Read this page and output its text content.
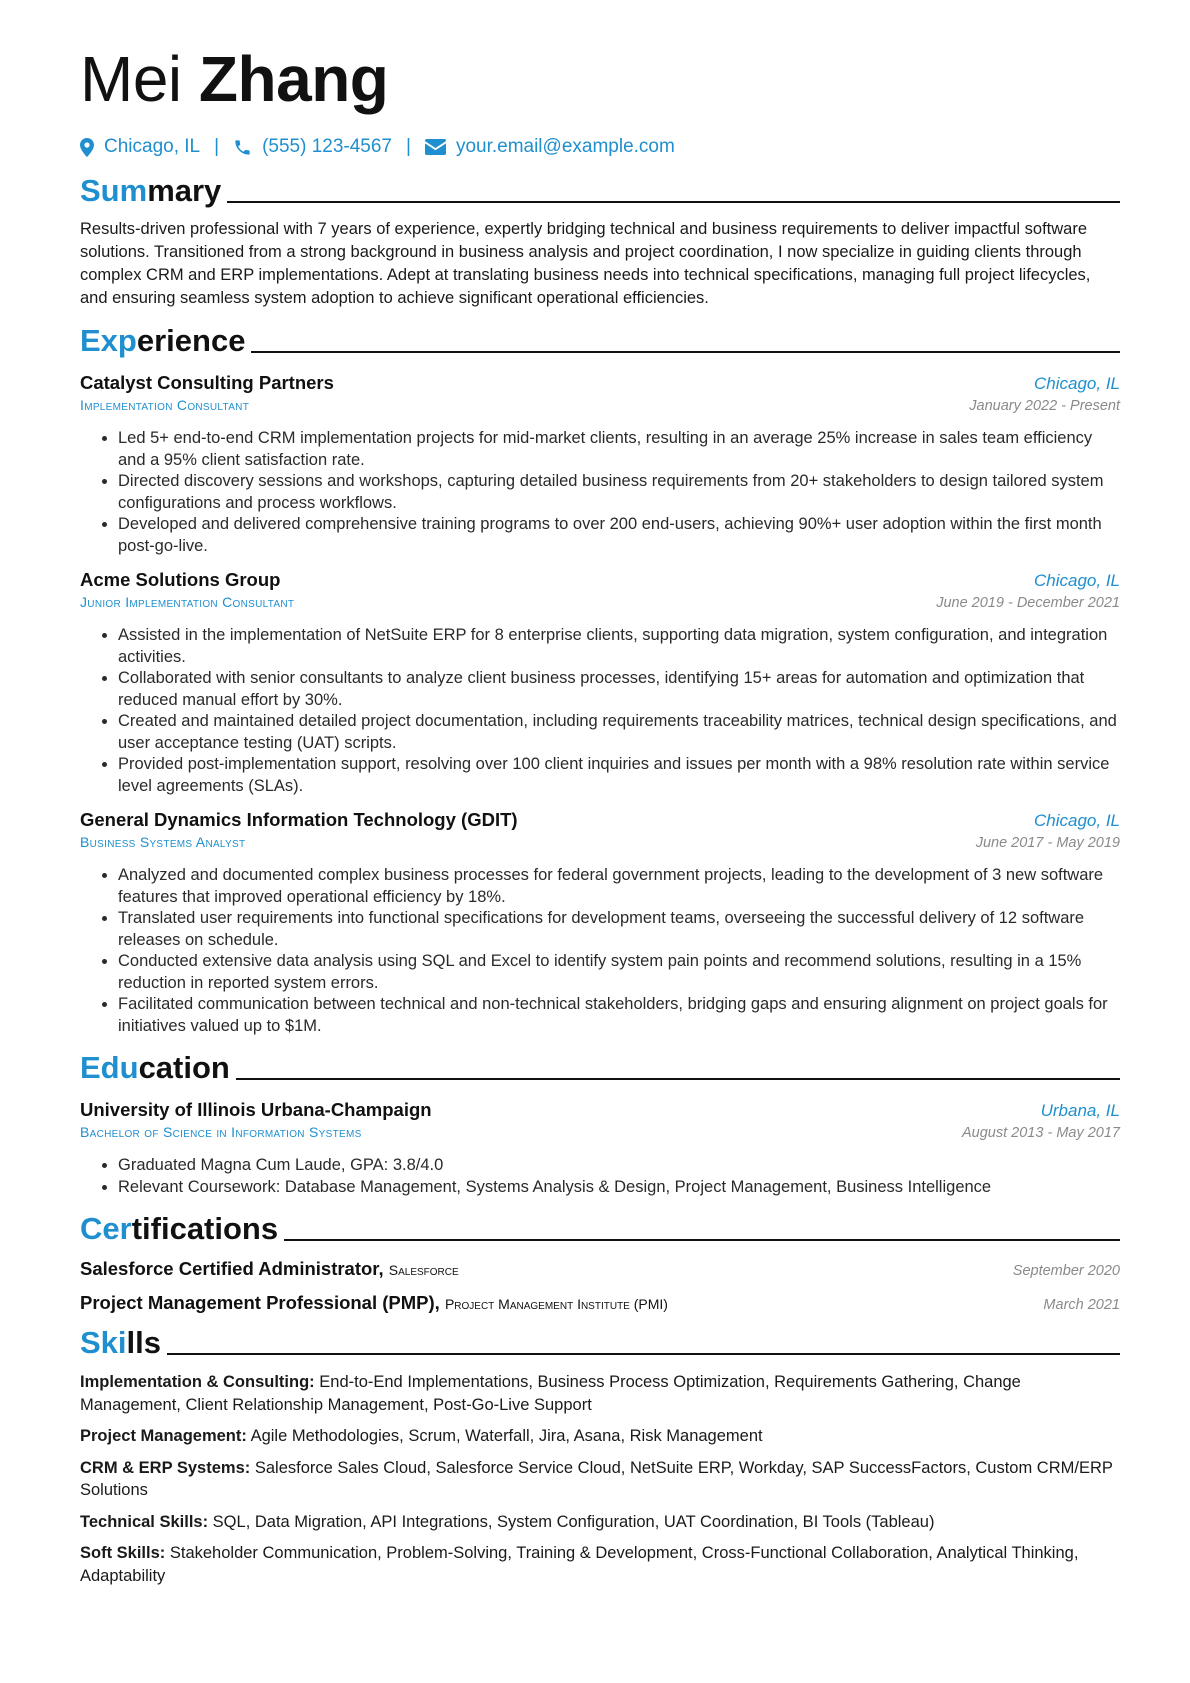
Mei Zhang
Chicago, IL | (555) 123-4567 | your.email@example.com
Summary
Results-driven professional with 7 years of experience, expertly bridging technical and business requirements to deliver impactful software solutions. Transitioned from a strong background in business analysis and project coordination, I now specialize in guiding clients through complex CRM and ERP implementations. Adept at translating business needs into technical specifications, managing full project lifecycles, and ensuring seamless system adoption to achieve significant operational efficiencies.
Experience
Catalyst Consulting Partners	Chicago, IL
Implementation Consultant	January 2022 - Present
• Led 5+ end-to-end CRM implementation projects for mid-market clients, resulting in an average 25% increase in sales team efficiency and a 95% client satisfaction rate.
• Directed discovery sessions and workshops, capturing detailed business requirements from 20+ stakeholders to design tailored system configurations and process workflows.
• Developed and delivered comprehensive training programs to over 200 end-users, achieving 90%+ user adoption within the first month post-go-live.
Acme Solutions Group	Chicago, IL
Junior Implementation Consultant	June 2019 - December 2021
• Assisted in the implementation of NetSuite ERP for 8 enterprise clients, supporting data migration, system configuration, and integration activities.
• Collaborated with senior consultants to analyze client business processes, identifying 15+ areas for automation and optimization that reduced manual effort by 30%.
• Created and maintained detailed project documentation, including requirements traceability matrices, technical design specifications, and user acceptance testing (UAT) scripts.
• Provided post-implementation support, resolving over 100 client inquiries and issues per month with a 98% resolution rate within service level agreements (SLAs).
General Dynamics Information Technology (GDIT)	Chicago, IL
Business Systems Analyst	June 2017 - May 2019
• Analyzed and documented complex business processes for federal government projects, leading to the development of 3 new software features that improved operational efficiency by 18%.
• Translated user requirements into functional specifications for development teams, overseeing the successful delivery of 12 software releases on schedule.
• Conducted extensive data analysis using SQL and Excel to identify system pain points and recommend solutions, resulting in a 15% reduction in reported system errors.
• Facilitated communication between technical and non-technical stakeholders, bridging gaps and ensuring alignment on project goals for initiatives valued up to $1M.
Education
University of Illinois Urbana-Champaign	Urbana, IL
Bachelor of Science in Information Systems	August 2013 - May 2017
• Graduated Magna Cum Laude, GPA: 3.8/4.0
• Relevant Coursework: Database Management, Systems Analysis & Design, Project Management, Business Intelligence
Certifications
Salesforce Certified Administrator, Salesforce	September 2020
Project Management Professional (PMP), Project Management Institute (PMI)	March 2021
Skills
Implementation & Consulting: End-to-End Implementations, Business Process Optimization, Requirements Gathering, Change Management, Client Relationship Management, Post-Go-Live Support
Project Management: Agile Methodologies, Scrum, Waterfall, Jira, Asana, Risk Management
CRM & ERP Systems: Salesforce Sales Cloud, Salesforce Service Cloud, NetSuite ERP, Workday, SAP SuccessFactors, Custom CRM/ERP Solutions
Technical Skills: SQL, Data Migration, API Integrations, System Configuration, UAT Coordination, BI Tools (Tableau)
Soft Skills: Stakeholder Communication, Problem-Solving, Training & Development, Cross-Functional Collaboration, Analytical Thinking, Adaptability
